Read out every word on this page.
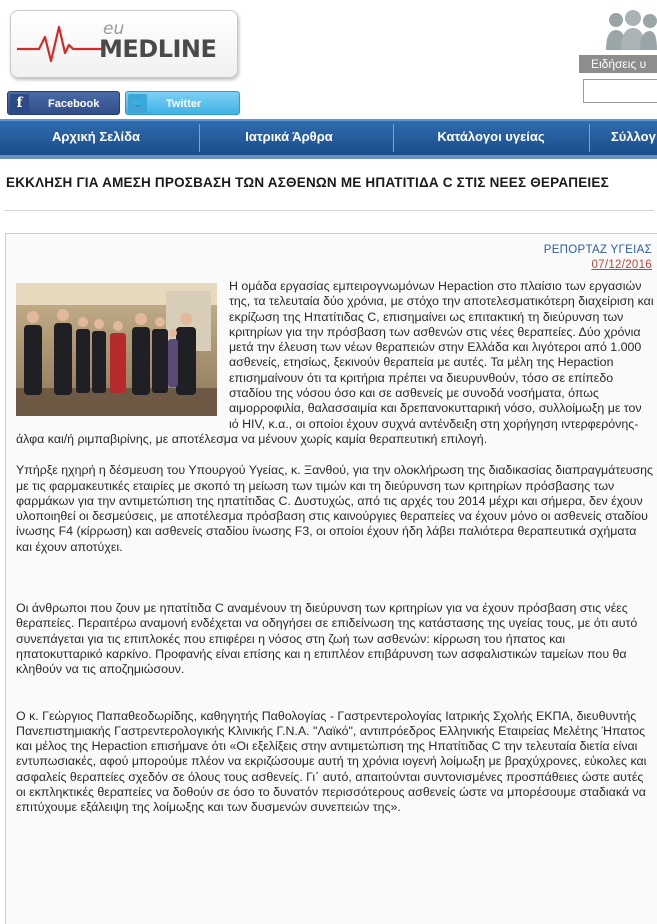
eu
MEDLINE
Ειδήσεις υ
f	Facebook	🐦 Twitter
Αρχική Σελίδα	Ιατρικά Άρθρα	Κατάλογοι υγείας	Σύλλογ
ΕΚΚΛΗΣΗ ΓΙΑ ΑΜΕΣΗ ΠΡΟΣΒΑΣΗ ΤΩΝ ΑΣΘΕΝΩΝ ΜΕ ΗΠΑΤΙΤΙΔΑ C ΣΤΙΣ ΝΕΕΣ ΘΕΡΑΠΕΙΕΣ
ΡΕΠΟΡΤΑΖ ΥΓΕΙΑΣ
07/12/2016

Η ομάδα εργασίας εμπειρογνωμόνων Hepaction στο πλαίσιο των εργασιών της, τα τελευταία δύο χρόνια, με στόχο την αποτελεσματικότερη διαχείριση και εκρίζωση της Ηπατίτιδας C, επισημαίνει ως επιτακτική τη διεύρυνση των κριτηρίων για την πρόσβαση των ασθενών στις νέες θεραπείες. Δύο χρόνια μετά την έλευση των νέων θεραπειών στην Ελλάδα και λιγότεροι από 1.000 ασθενείς, ετησίως, ξεκινούν θεραπεία με αυτές. Τα μέλη της Hepaction επισημαίνουν ότι τα κριτήρια πρέπει να διευρυνθούν, τόσο σε επίπεδο σταδίου της νόσου όσο και σε ασθενείς με συνοδά νοσήματα, όπως αιμορροφιλία, θαλασσαιμία και δρεπανοκυτταρική νόσο, συλλοίμωξη με τον ιό HIV, κ.α., οι οποίοι έχουν συχνά αντένδειξη στη χορήγηση ιντερφερόνης-άλφα και/ή ριμπαβιρίνης, με αποτέλεσμα να μένουν χωρίς καμία θεραπευτική επιλογή.

Υπήρξε ηχηρή η δέσμευση του Υπουργού Υγείας, κ. Ξανθού, για την ολοκλήρωση της διαδικασίας διαπραγμάτευσης με τις φαρμακευτικές εταιρίες με σκοπό τη μείωση των τιμών και τη διεύρυνση των κριτηρίων πρόσβασης των φαρμάκων για την αντιμετώπιση της ηπατίτιδας C. Δυστυχώς, από τις αρχές του 2014 μέχρι και σήμερα, δεν έχουν υλοποιηθεί οι δεσμεύσεις, με αποτέλεσμα πρόσβαση στις καινούργιες θεραπείες να έχουν μόνο οι ασθενείς σταδίου ίνωσης F4 (κίρρωση) και ασθενείς σταδίου ίνωσης F3, οι οποίοι έχουν ήδη λάβει παλιότερα θεραπευτικά σχήματα και έχουν αποτύχει.

Οι άνθρωποι που ζουν με ηπατίτιδα C αναμένουν τη διεύρυνση των κριτηρίων για να έχουν πρόσβαση στις νέες θεραπείες. Περαιτέρω αναμονή ενδέχεται να οδηγήσει σε επιδείνωση της κατάστασης της υγείας τους, με ότι αυτό συνεπάγεται για τις επιπλοκές που επιφέρει η νόσος στη ζωή των ασθενών: κίρρωση του ήπατος και ηπατοκυτταρικό καρκίνο. Προφανής είναι επίσης και η επιπλέον επιβάρυνση των ασφαλιστικών ταμείων που θα κληθούν να τις αποζημιώσουν.

Ο κ. Γεώργιος Παπαθεοδωρίδης, καθηγητής Παθολογίας - Γαστρεντερολογίας Ιατρικής Σχολής ΕΚΠΑ, διευθυντής Πανεπιστημιακής Γαστρεντερολογικής Κλινικής Γ.Ν.Α. "Λαϊκό", αντιπρόεδρος Ελληνικής Εταιρείας Μελέτης Ήπατος και μέλος της Hepaction επισήμανε ότι «Οι εξελίξεις στην αντιμετώπιση της Ηπατίτιδας C την τελευταία διετία είναι εντυπωσιακές, αφού μπορούμε πλέον να εκριζώσουμε αυτή τη χρόνια ιογενή λοίμωξη με βραχύχρονες, εύκολες και ασφαλείς θεραπείες σχεδόν σε όλους τους ασθενείς. Γι΄ αυτό, απαιτούνται συντονισμένες προσπάθειες ώστε αυτές οι εκπληκτικές θεραπείες να δοθούν σε όσο το δυνατόν περισσότερους ασθενείς ώστε να μπορέσουμε σταδιακά να επιτύχουμε εξάλειψη της λοίμωξης και των δυσμενών συνεπειών της».
